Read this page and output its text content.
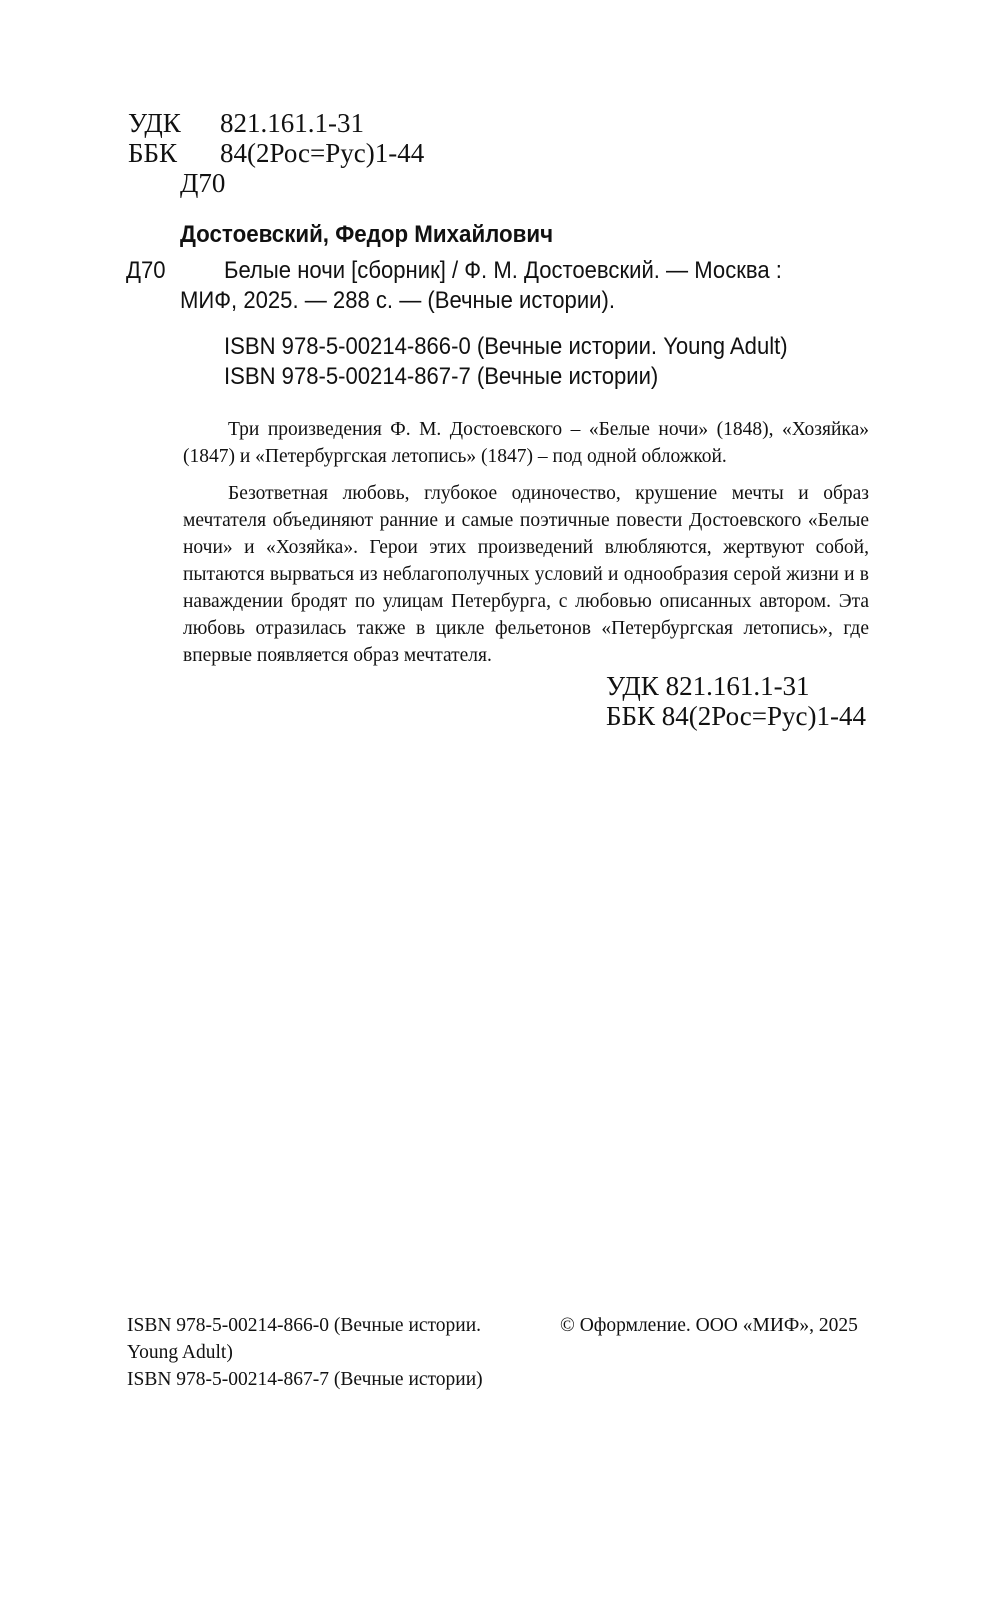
УДК 821.161.1-31
ББК 84(2Рос=Рус)1-44
Д70
Достоевский, Федор Михайлович
Д70 Белые ночи [сборник] / Ф. М. Достоевский. — Москва :
МИФ, 2025. — 288 с. — (Вечные истории).
ISBN 978-5-00214-866-0 (Вечные истории. Young Adult)
ISBN 978-5-00214-867-7 (Вечные истории)

Три произведения Ф. М. Достоевского – «Белые ночи» (1848), «Хозяйка» (1847) и «Петербургская летопись» (1847) – под одной обложкой.

Безответная любовь, глубокое одиночество, крушение мечты и образ мечтателя объединяют ранние и самые поэтичные повести Достоевского «Белые ночи» и «Хозяйка». Герои этих произведений влюбляются, жертвуют собой, пытаются вырваться из неблагополучных условий и однообразия серой жизни и в наваждении бродят по улицам Петербурга, с любовью описанных автором. Эта любовь отразилась также в цикле фельетонов «Петербургская летопись», где впервые появляется образ мечтателя.

УДК 821.161.1-31
ББК 84(2Рос=Рус)1-44
ISBN 978-5-00214-866-0 (Вечные истории.
Young Adult)
ISBN 978-5-00214-867-7 (Вечные истории)
© Оформление. ООО «МИФ», 2025
